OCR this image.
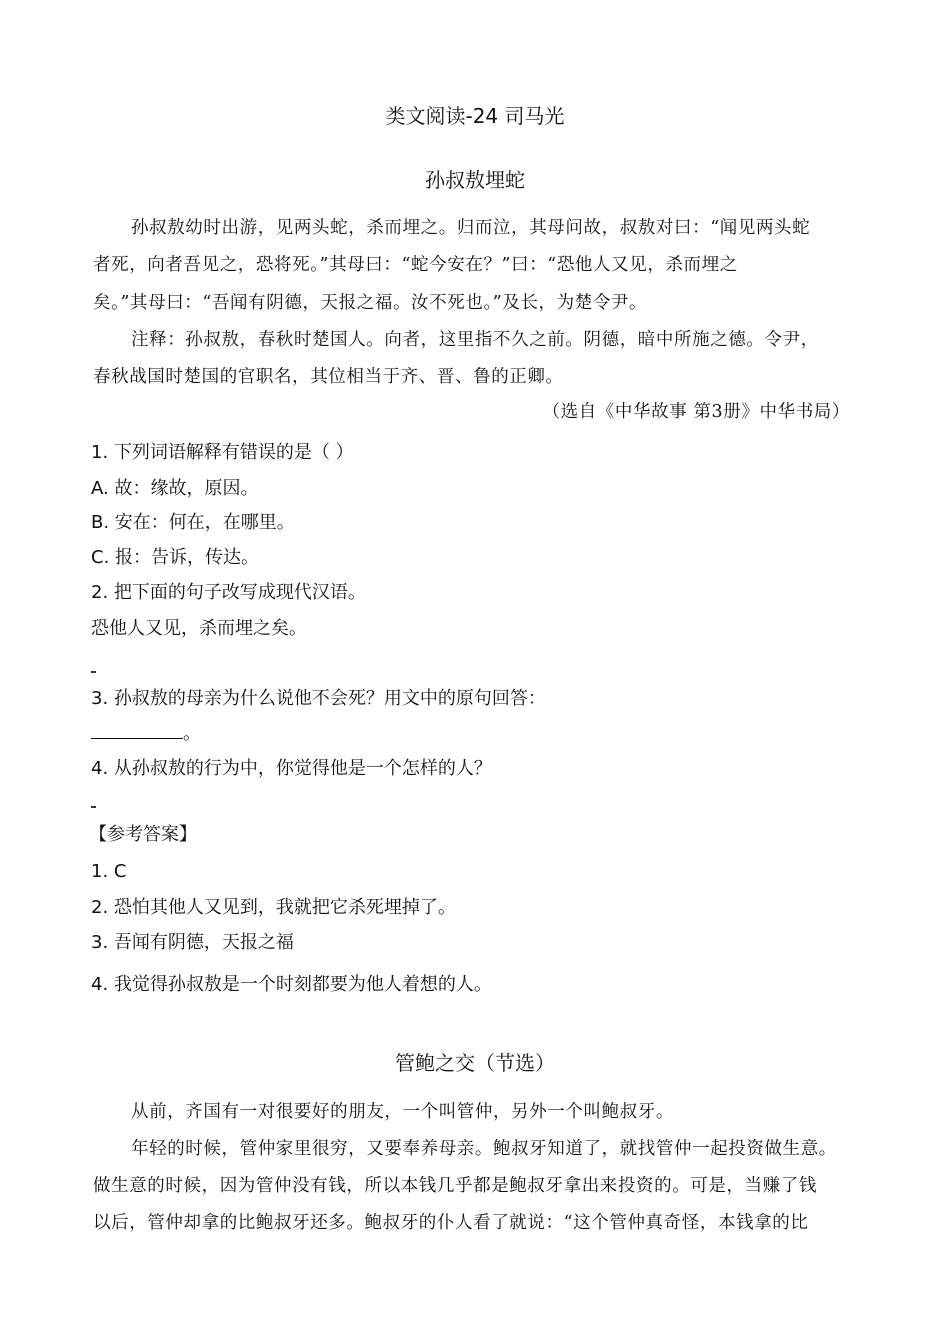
类文阅读-24 司马光
孙叔敖埋蛇
孙叔敖幼时出游，见两头蛇，杀而埋之。归而泣，其母问故，叔敖对曰：“闻见两头蛇
者死，向者吾见之，恐将死。”其母曰：“蛇今安在？”曰：“恐他人又见，杀而埋之
矣。”其母曰：“吾闻有阴德，天报之福。汝不死也。”及长，为楚令尹。
注释：孙叔敖，春秋时楚国人。向者，这里指不久之前。阴德，暗中所施之德。令尹，
春秋战国时楚国的官职名，其位相当于齐、晋、鲁的正卿。
（选自《中华故事 第3册》中华书局）
1. 下列词语解释有错误的是（ ）
A. 故：缘故，原因。
B. 安在：何在，在哪里。
C. 报：告诉，传达。
2. 把下面的句子改写成现代汉语。
恐他人又见，杀而埋之矣。
3. 孙叔敖的母亲为什么说他不会死？用文中的原句回答：
。
4. 从孙叔敖的行为中，你觉得他是一个怎样的人？
【参考答案】
1. C
2. 恐怕其他人又见到，我就把它杀死埋掉了。
3. 吾闻有阴德，天报之福
4. 我觉得孙叔敖是一个时刻都要为他人着想的人。
管鲍之交（节选）
从前，齐国有一对很要好的朋友，一个叫管仲，另外一个叫鲍叔牙。
年轻的时候，管仲家里很穷，又要奉养母亲。鲍叔牙知道了，就找管仲一起投资做生意。
做生意的时候，因为管仲没有钱，所以本钱几乎都是鲍叔牙拿出来投资的。可是，当赚了钱
以后，管仲却拿的比鲍叔牙还多。鲍叔牙的仆人看了就说：“这个管仲真奇怪，本钱拿的比
